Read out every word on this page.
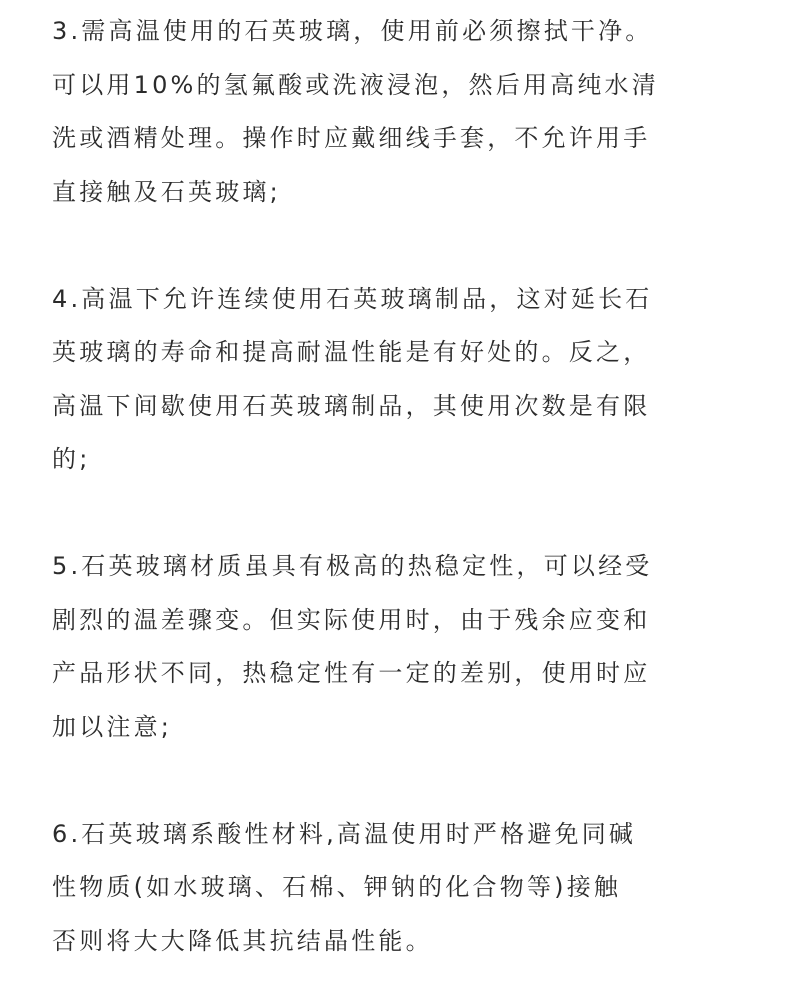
3.需高温使用的石英玻璃，使用前必须擦拭干净。
可以用10%的氢氟酸或洗液浸泡，然后用高纯水清
洗或酒精处理。操作时应戴细线手套，不允许用手
直接触及石英玻璃;
4.高温下允许连续使用石英玻璃制品，这对延长石
英玻璃的寿命和提高耐温性能是有好处的。反之，
高温下间歇使用石英玻璃制品，其使用次数是有限
的;
5.石英玻璃材质虽具有极高的热稳定性，可以经受
剧烈的温差骤变。但实际使用时，由于残余应变和
产品形状不同，热稳定性有一定的差别，使用时应
加以注意;
6.石英玻璃系酸性材料,高温使用时严格避免同碱
性物质(如水玻璃、石棉、钾钠的化合物等)接触
否则将大大降低其抗结晶性能。
